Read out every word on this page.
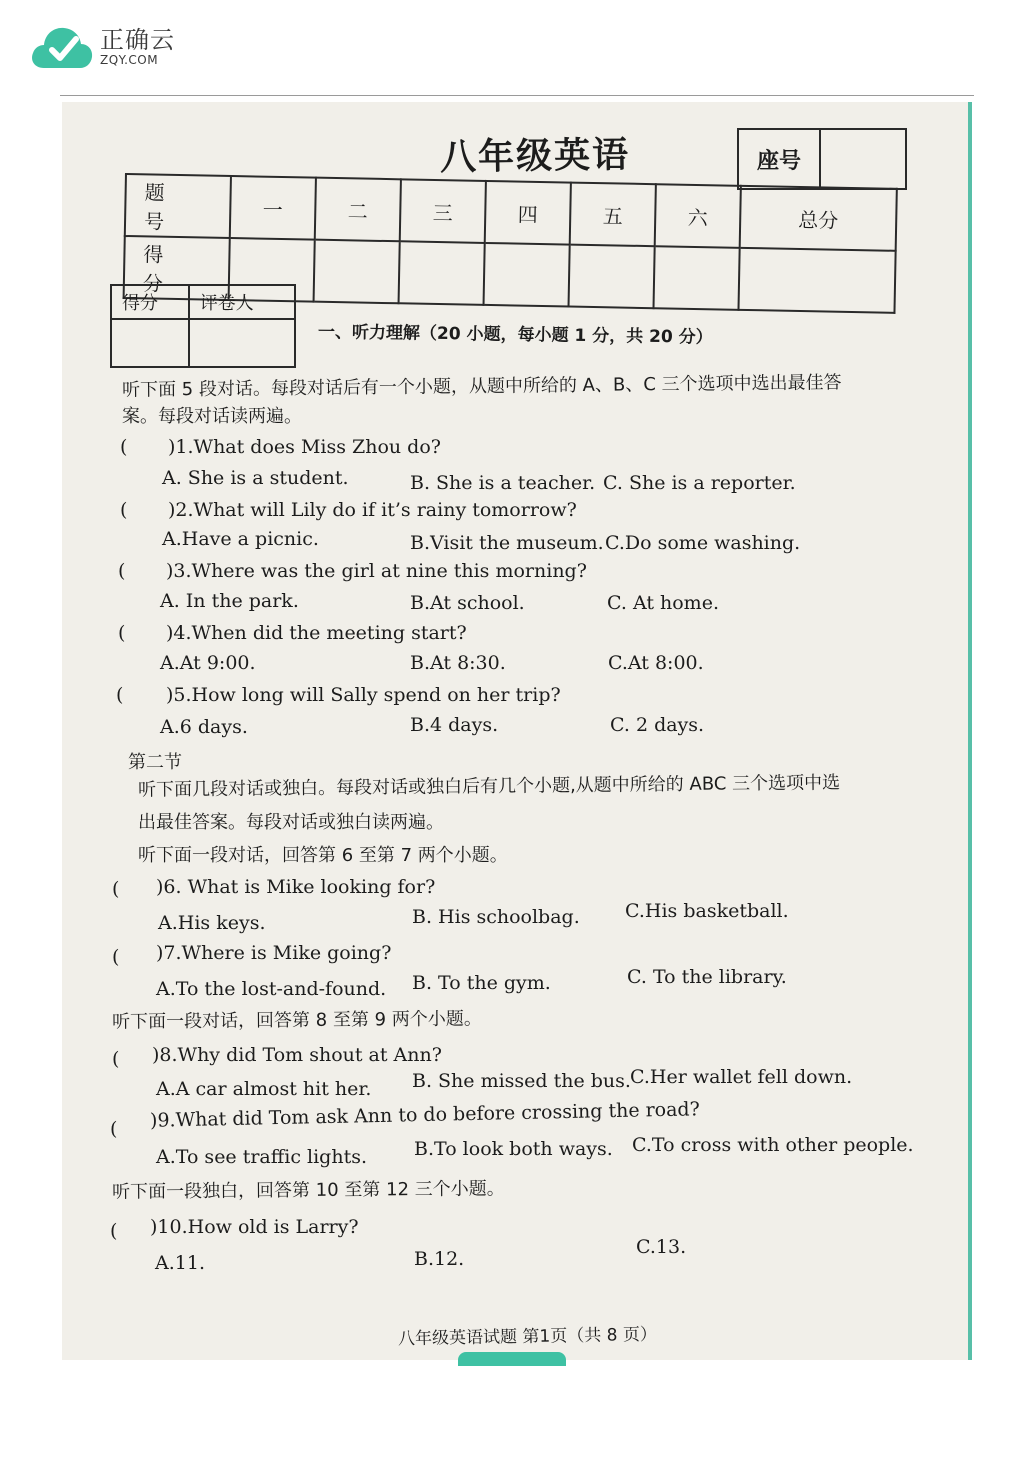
正确云
ZQY.COM
八年级英语	座号
题 号	一	二	三	四	五	六	总分
得 分							
得分	评卷人

一、听力理解（20 小题，每小题 1 分，共 20 分）
听下面 5 段对话。每段对话后有一个小题，从题中所给的 A、B、C 三个选项中选出最佳答
案。每段对话读两遍。
( )1.What does Miss Zhou do?
A. She is a student.	B. She is a teacher. C. She is a reporter.
( )2.What will Lily do if it’s rainy tomorrow?
A.Have a picnic.	B.Visit the museum. C.Do some washing.
( )3.Where was the girl at nine this morning?
A. In the park.	B.At school.	C. At home.
( )4.When did the meeting start?
A.At 9:00.	B.At 8:30.	C.At 8:00.
( )5.How long will Sally spend on her trip?
A.6 days.	B.4 days.	C. 2 days.
第二节
听下面几段对话或独白。每段对话或独白后有几个小题,从题中所给的 ABC 三个选项中选
出最佳答案。每段对话或独白读两遍。
听下面一段对话，回答第 6 至第 7 两个小题。
( )6. What is Mike looking for?
A.His keys.	B. His schoolbag. C.His basketball.
( )7.Where is Mike going?
A.To the lost-and-found. B. To the gym.	C. To the library.
听下面一段对话，回答第 8 至第 9 两个小题。
( )8.Why did Tom shout at Ann?
A.A car almost hit her. B. She missed the bus. C.Her wallet fell down.
( )9.What did Tom ask Ann to do before crossing the road?
A.To see traffic lights. B.To look both ways. C.To cross with other people.
听下面一段独白，回答第 10 至第 12 三个小题。
( )10.How old is Larry?
A.11.	B.12.
C.13.
八年级英语试题 第1页（共 8 页）
